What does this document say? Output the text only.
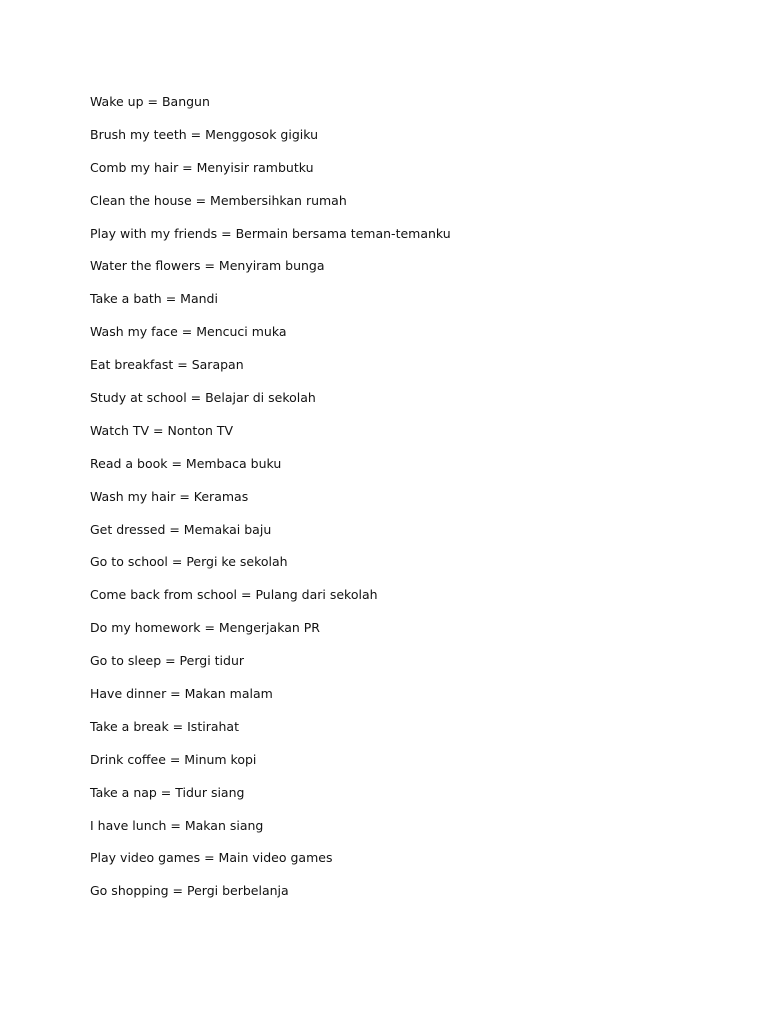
Wake up = Bangun
Brush my teeth = Menggosok gigiku
Comb my hair = Menyisir rambutku
Clean the house = Membersihkan rumah
Play with my friends = Bermain bersama teman-temanku
Water the flowers = Menyiram bunga
Take a bath = Mandi
Wash my face = Mencuci muka
Eat breakfast = Sarapan
Study at school = Belajar di sekolah
Watch TV = Nonton TV
Read a book = Membaca buku
Wash my hair = Keramas
Get dressed = Memakai baju
Go to school = Pergi ke sekolah
Come back from school = Pulang dari sekolah
Do my homework = Mengerjakan PR
Go to sleep = Pergi tidur
Have dinner = Makan malam
Take a break = Istirahat
Drink coffee = Minum kopi
Take a nap = Tidur siang
I have lunch = Makan siang
Play video games = Main video games
Go shopping = Pergi berbelanja
